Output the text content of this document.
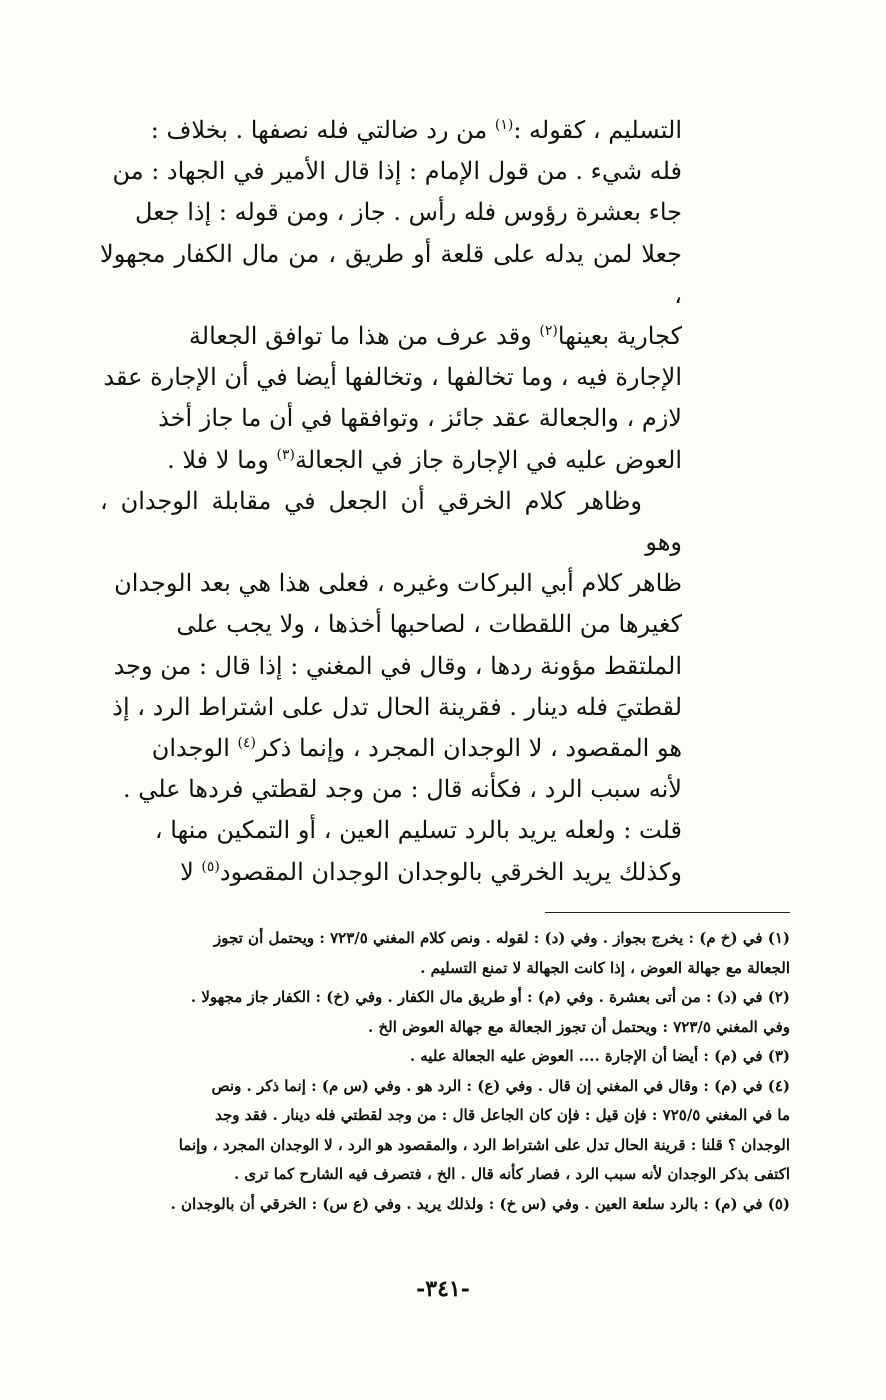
التسليم ، كقوله :$^{(١)}$ من رد ضالتي فله نصفها . بخلاف :

فله شيء . من قول الإمام : إذا قال الأمير في الجهاد : من

جاء بعشرة رؤوس فله رأس . جاز ، ومن قوله : إذا جعل

جعلا لمن يدله على قلعة أو طريق ، من مال الكفار مجهولا ،

كجارية بعينها$^{(٢)}$ وقد عرف من هذا ما توافق الجعالة

الإجارة فيه ، وما تخالفها ، وتخالفها أيضا في أن الإجارة عقد

لازم ، والجعالة عقد جائز ، وتوافقها في أن ما جاز أخذ

العوض عليه في الإجارة جاز في الجعالة$^{(٣)}$ وما لا فلا .

وظاهر كلام الخرقي أن الجعل في مقابلة الوجدان ، وهو

ظاهر كلام أبي البركات وغيره ، فعلى هذا هي بعد الوجدان

كغيرها من اللقطات ، لصاحبها أخذها ، ولا يجب على

الملتقط مؤونة ردها ، وقال في المغني : إذا قال : من وجد

لقطتيَ فله دينار . فقرينة الحال تدل على اشتراط الرد ، إذ

هو المقصود ، لا الوجدان المجرد ، وإنما ذكر$^{(٤)}$ الوجدان

لأنه سبب الرد ، فكأنه قال : من وجد لقطتي فردها علي .

قلت : ولعله يريد بالرد تسليم العين ، أو التمكين منها ،

وكذلك يريد الخرقي بالوجدان الوجدان المقصود$^{(٥)}$ لا

(١) في (خ م) : يخرج بجواز . وفي (د) : لقوله . ونص كلام المغني ٧٢٣/٥ : ويحتمل أن تجوز

الجعالة مع جهالة العوض ، إذا كانت الجهالة لا تمنع التسليم .

(٢) في (د) : من أتى بعشرة . وفي (م) : أو طريق مال الكفار . وفي (خ) : الكفار جاز مجهولا .

وفي المغني ٧٢٣/٥ : ويحتمل أن تجوز الجعالة مع جهالة العوض الخ .

(٣) في (م) : أيضا أن الإجارة .... العوض عليه الجعالة عليه .

(٤) في (م) : وقال في المغني إن قال . وفي (ع) : الرد هو . وفي (س م) : إنما ذكر . ونص

ما في المغني ٧٢٥/٥ : فإن قيل : فإن كان الجاعل قال : من وجد لقطتي فله دينار . فقد وجد

الوجدان ؟ قلنا : قرينة الحال تدل على اشتراط الرد ، والمقصود هو الرد ، لا الوجدان المجرد ، وإنما

اكتفى بذكر الوجدان لأنه سبب الرد ، فصار كأنه قال . الخ ، فتصرف فيه الشارح كما ترى .

(٥) في (م) : بالرد سلعة العين . وفي (س خ) : ولذلك يريد . وفي (ع س) : الخرقي أن بالوجدان .

-٣٤١-
